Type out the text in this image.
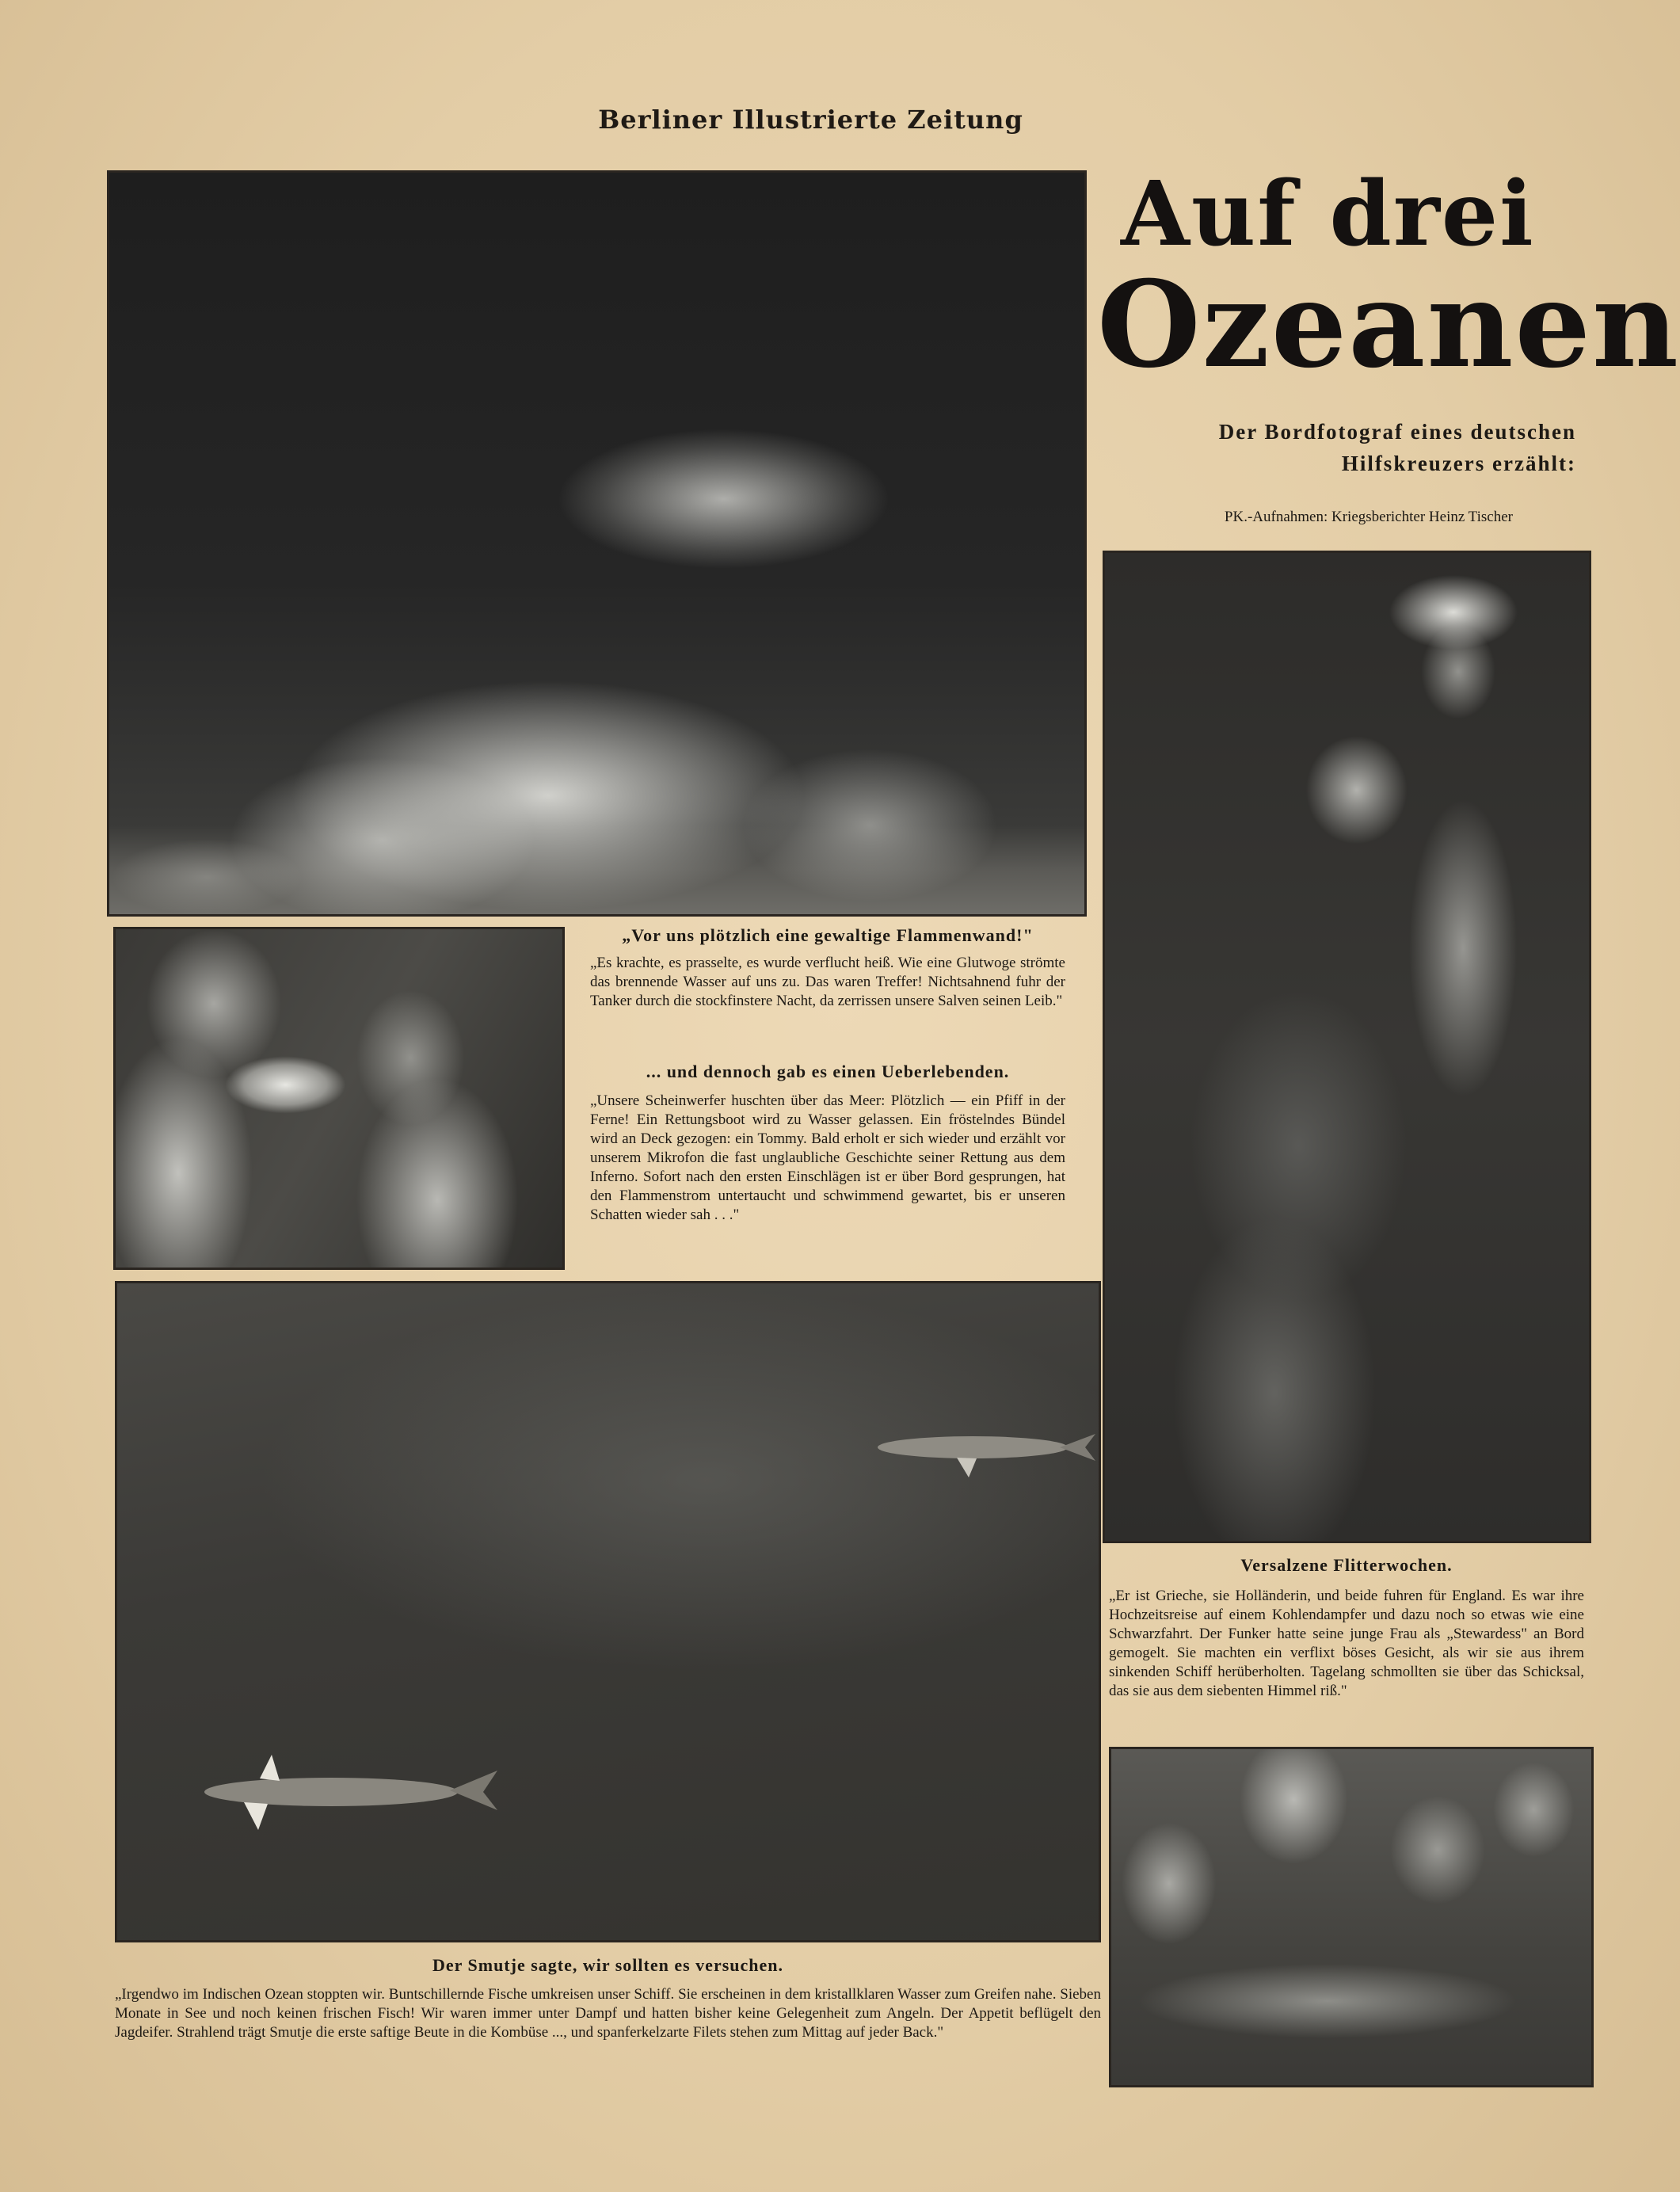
Berliner Illustrierte Zeitung
Auf drei
Ozeanen
Der Bordfotograf eines deutschen
Hilfskreuzers erzählt:
PK.-Aufnahmen: Kriegsberichter Heinz Tischer
„Vor uns plötzlich eine gewaltige Flammenwand!"
„Es krachte, es prasselte, es wurde verflucht heiß. Wie eine Glutwoge strömte das brennende Wasser auf uns zu. Das waren Treffer! Nichtsahnend fuhr der Tanker durch die stockfinstere Nacht, da zerrissen unsere Salven seinen Leib."
... und dennoch gab es einen Ueberlebenden.
„Unsere Scheinwerfer huschten über das Meer: Plötzlich — ein Pfiff in der Ferne! Ein Rettungsboot wird zu Wasser gelassen. Ein fröstelndes Bündel wird an Deck gezogen: ein Tommy. Bald erholt er sich wieder und erzählt vor unserem Mikrofon die fast unglaubliche Geschichte seiner Rettung aus dem Inferno. Sofort nach den ersten Einschlägen ist er über Bord gesprungen, hat den Flammenstrom untertaucht und schwimmend gewartet, bis er unseren Schatten wieder sah . . ."
Versalzene Flitterwochen.
„Er ist Grieche, sie Holländerin, und beide fuhren für England. Es war ihre Hochzeitsreise auf einem Kohlendampfer und dazu noch so etwas wie eine Schwarzfahrt. Der Funker hatte seine junge Frau als „Stewardess" an Bord gemogelt. Sie machten ein verflixt böses Gesicht, als wir sie aus ihrem sinkenden Schiff herüberholten. Tagelang schmollten sie über das Schicksal, das sie aus dem siebenten Himmel riß."
Der Smutje sagte, wir sollten es versuchen.
„Irgendwo im Indischen Ozean stoppten wir. Buntschillernde Fische umkreisen unser Schiff. Sie erscheinen in dem kristallklaren Wasser zum Greifen nahe. Sieben Monate in See und noch keinen frischen Fisch! Wir waren immer unter Dampf und hatten bisher keine Gelegenheit zum Angeln. Der Appetit beflügelt den Jagdeifer. Strahlend trägt Smutje die erste saftige Beute in die Kombüse ..., und spanferkelzarte Filets stehen zum Mittag auf jeder Back."
